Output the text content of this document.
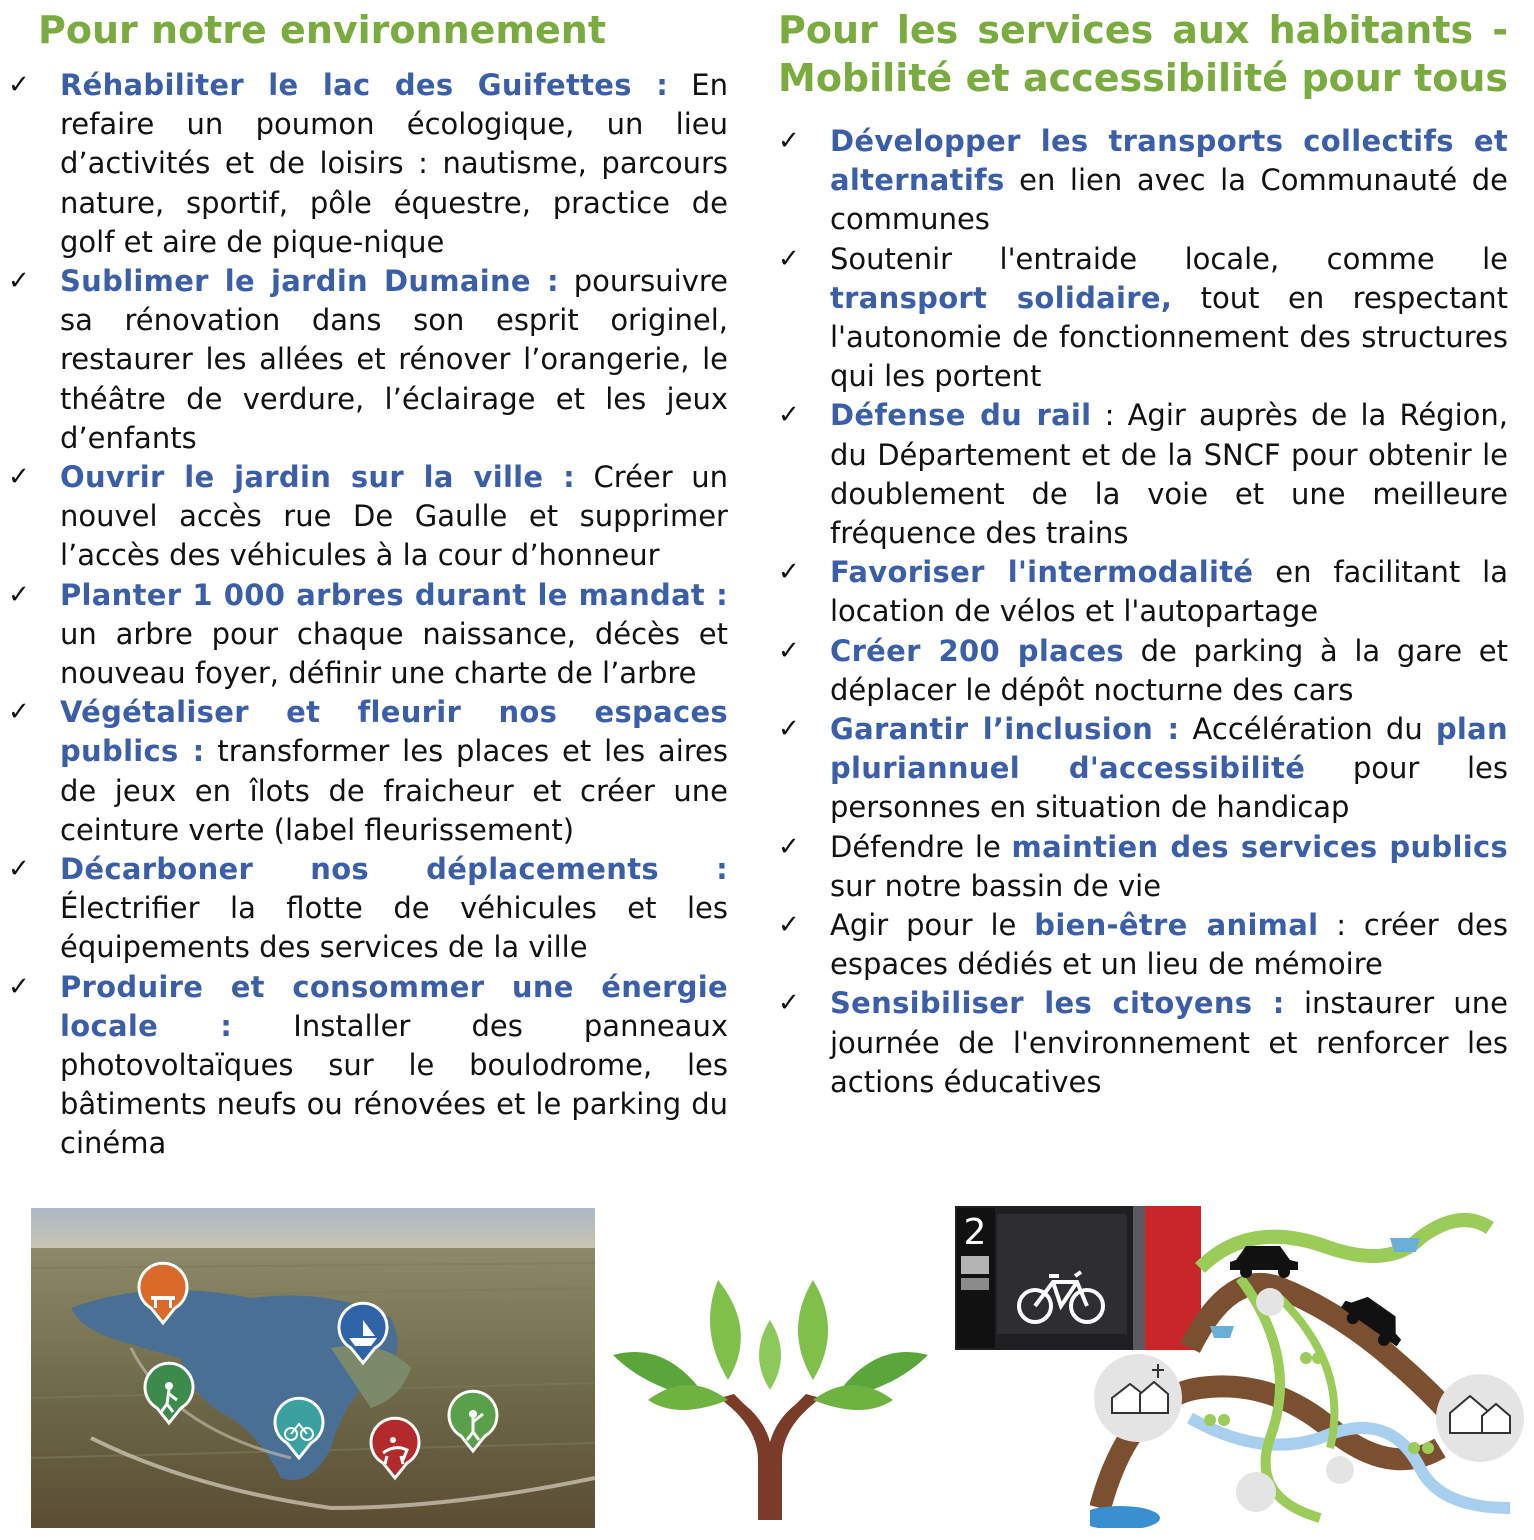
Pour notre environnement
✓ Réhabiliter le lac des Guifettes : En refaire un poumon écologique, un lieu d’activités et de loisirs : nautisme, parcours nature, sportif, pôle équestre, practice de golf et aire de pique-nique
✓ Sublimer le jardin Dumaine : poursuivre sa rénovation dans son esprit originel, restaurer les allées et rénover l’orangerie, le théâtre de verdure, l’éclairage et les jeux d’enfants
✓ Ouvrir le jardin sur la ville : Créer un nouvel accès rue De Gaulle et supprimer l’accès des véhicules à la cour d’honneur
✓ Planter 1 000 arbres durant le mandat : un arbre pour chaque naissance, décès et nouveau foyer, définir une charte de l’arbre
✓ Végétaliser et fleurir nos espaces publics : transformer les places et les aires de jeux en îlots de fraicheur et créer une ceinture verte (label fleurissement)
✓ Décarboner nos déplacements : Électrifier la flotte de véhicules et les équipements des services de la ville
✓ Produire et consommer une énergie locale : Installer des panneaux photovoltaïques sur le boulodrome, les bâtiments neufs ou rénovées et le parking du cinéma
Pour les services aux habitants -
Mobilité et accessibilité pour tous
✓ Développer les transports collectifs et alternatifs en lien avec la Communauté de communes
✓ Soutenir l'entraide locale, comme le transport solidaire, tout en respectant l'autonomie de fonctionnement des structures qui les portent
✓ Défense du rail : Agir auprès de la Région, du Département et de la SNCF pour obtenir le doublement de la voie et une meilleure fréquence des trains
✓ Favoriser l'intermodalité en facilitant la location de vélos et l'autopartage
✓ Créer 200 places de parking à la gare et déplacer le dépôt nocturne des cars
✓ Garantir l’inclusion : Accélération du plan pluriannuel d'accessibilité pour les personnes en situation de handicap
✓ Défendre le maintien des services publics sur notre bassin de vie
✓ Agir pour le bien-être animal : créer des espaces dédiés et un lieu de mémoire
✓ Sensibiliser les citoyens : instaurer une journée de l'environnement et renforcer les actions éducatives
2
